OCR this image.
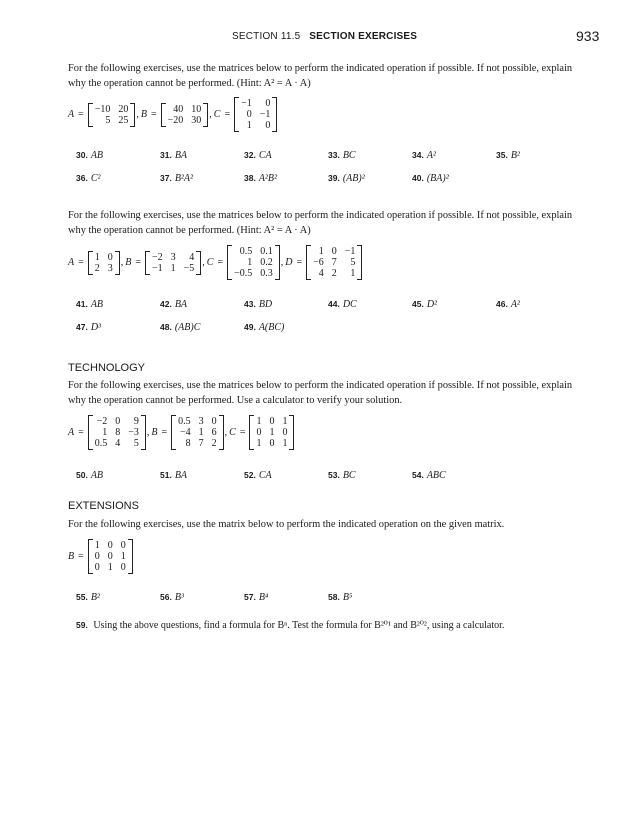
SECTION 11.5 SECTION EXERCISES	933
For the following exercises, use the matrices below to perform the indicated operation if possible. If not possible, explain why the operation cannot be performed. (Hint: A² = A · A)
A = −10	20
5	25 , B = 40	10
−20	30 , C =
−1	0
0	−1
1	0
30. AB	31. BA	32. CA	33. BC	34. A²	35. B²
36. C²	37. B²A²	38. A²B²	39. (AB)²	40. (BA)²
For the following exercises, use the matrices below to perform the indicated operation if possible. If not possible, explain why the operation cannot be performed. (Hint: A² = A · A)
A = 1	0
2	3 , B = −2	3	4
−1	1	−5 , C =
0.5	0.1
1	0.2
−0.5	0.3
, D =
1	0	−1
−6	7	5
4	2	1
41. AB	42. BA	43. BD	44. DC	45. D²	46. A²
47. D³	48. (AB)C	49. A(BC)
TECHNOLOGY
For the following exercises, use the matrices below to perform the indicated operation if possible. If not possible, explain why the operation cannot be performed. Use a calculator to verify your solution.
A =
−2	0	9
1	8	−3
0.5	4	5
, B =
0.5	3	0
−4	1	6
8	7	2
, C =
1	0	1
0	1	0
1	0	1
50. AB	51. BA	52. CA	53. BC	54. ABC
EXTENSIONS
For the following exercises, use the matrix below to perform the indicated operation on the given matrix.
B =
1	0	0
0	0	1
0	1	0
55. B²	56. B³	57. B⁴	58. B⁵
59. Using the above questions, find a formula for Bⁿ. Test the formula for B²⁰¹ and B²⁰², using a calculator.
